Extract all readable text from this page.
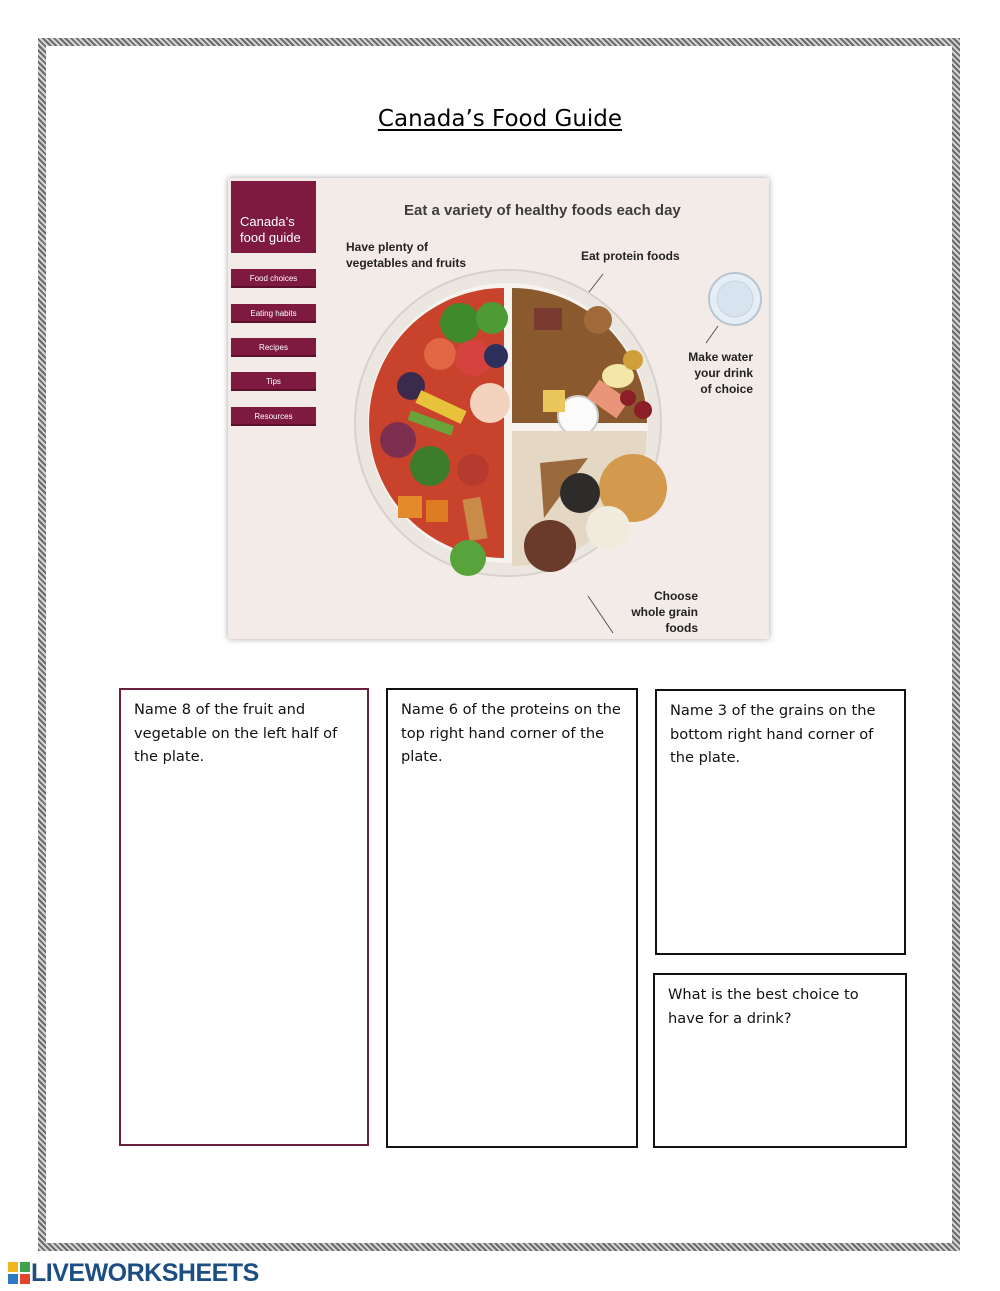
Canada’s Food Guide
Canada’s
food guide
Food choices
Eating habits
Recipes
Tips
Resources
Eat a variety of healthy foods each day
Have plenty of
vegetables and fruits	Eat protein foods
Make water
your drink
of choice
Choose
whole grain
foods
Name 8 of the fruit and vegetable on the left half of the plate.
Name 6 of the proteins on the top right hand corner of the plate.
Name 3 of the grains on the bottom right hand corner of the plate.
What is the best choice to have for a drink?
LIVEWORKSHEETS
